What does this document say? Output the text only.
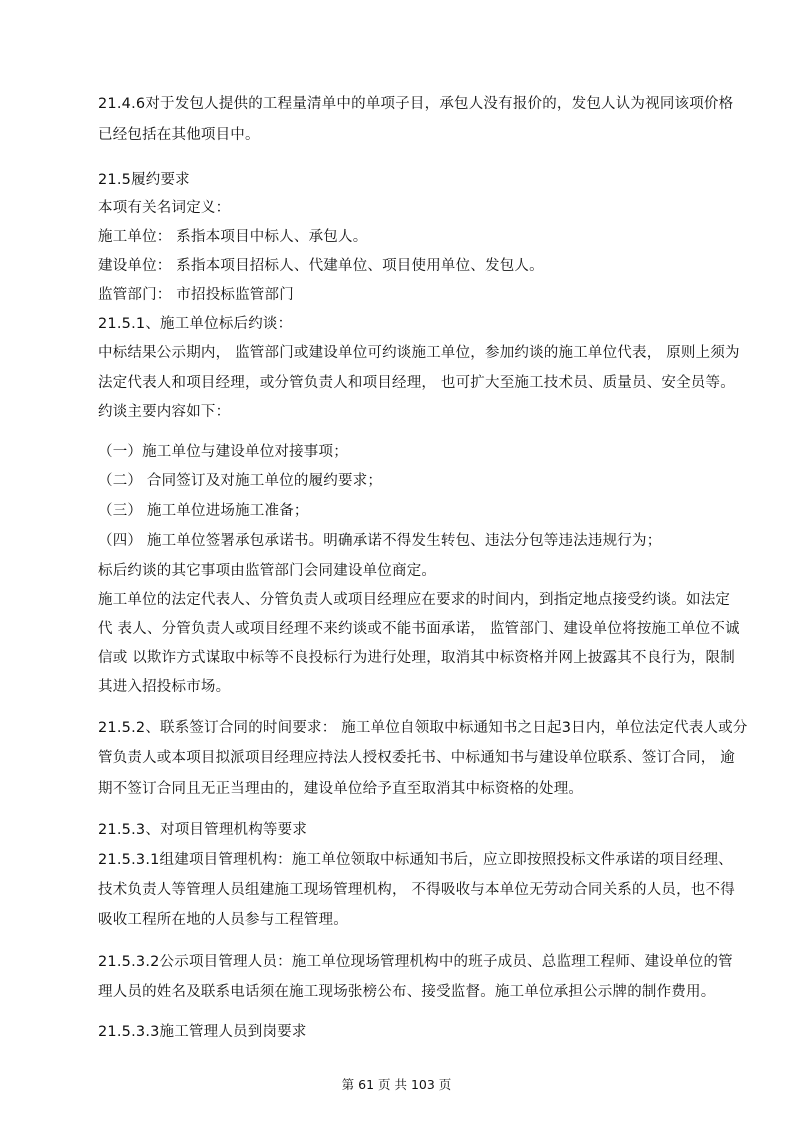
21.4.6对于发包人提供的工程量清单中的单项子目，承包人没有报价的，发包人认为视同该项价格
已经包括在其他项目中。
21.5履约要求
本项有关名词定义：
施工单位： 系指本项目中标人、承包人。
建设单位： 系指本项目招标人、代建单位、项目使用单位、发包人。
监管部门： 市招投标监管部门
21.5.1、施工单位标后约谈：
中标结果公示期内， 监管部门或建设单位可约谈施工单位，参加约谈的施工单位代表， 原则上须为
法定代表人和项目经理，或分管负责人和项目经理， 也可扩大至施工技术员、质量员、安全员等。
约谈主要内容如下：
（一）施工单位与建设单位对接事项；
（二） 合同签订及对施工单位的履约要求；
（三） 施工单位进场施工准备；
（四） 施工单位签署承包承诺书。明确承诺不得发生转包、违法分包等违法违规行为；
标后约谈的其它事项由监管部门会同建设单位商定。
施工单位的法定代表人、分管负责人或项目经理应在要求的时间内，到指定地点接受约谈。如法定
代 表人、分管负责人或项目经理不来约谈或不能书面承诺， 监管部门、建设单位将按施工单位不诚
信或 以欺诈方式谋取中标等不良投标行为进行处理，取消其中标资格并网上披露其不良行为，限制
其进入招投标市场。
21.5.2、联系签订合同的时间要求： 施工单位自领取中标通知书之日起3日内，单位法定代表人或分
管负责人或本项目拟派项目经理应持法人授权委托书、中标通知书与建设单位联系、签订合同， 逾
期不签订合同且无正当理由的，建设单位给予直至取消其中标资格的处理。
21.5.3、对项目管理机构等要求
21.5.3.1组建项目管理机构：施工单位领取中标通知书后，应立即按照投标文件承诺的项目经理、
技术负责人等管理人员组建施工现场管理机构， 不得吸收与本单位无劳动合同关系的人员，也不得
吸收工程所在地的人员参与工程管理。
21.5.3.2公示项目管理人员：施工单位现场管理机构中的班子成员、总监理工程师、建设单位的管
理人员的姓名及联系电话须在施工现场张榜公布、接受监督。施工单位承担公示牌的制作费用。
21.5.3.3施工管理人员到岗要求
第 61 页 共 103 页
